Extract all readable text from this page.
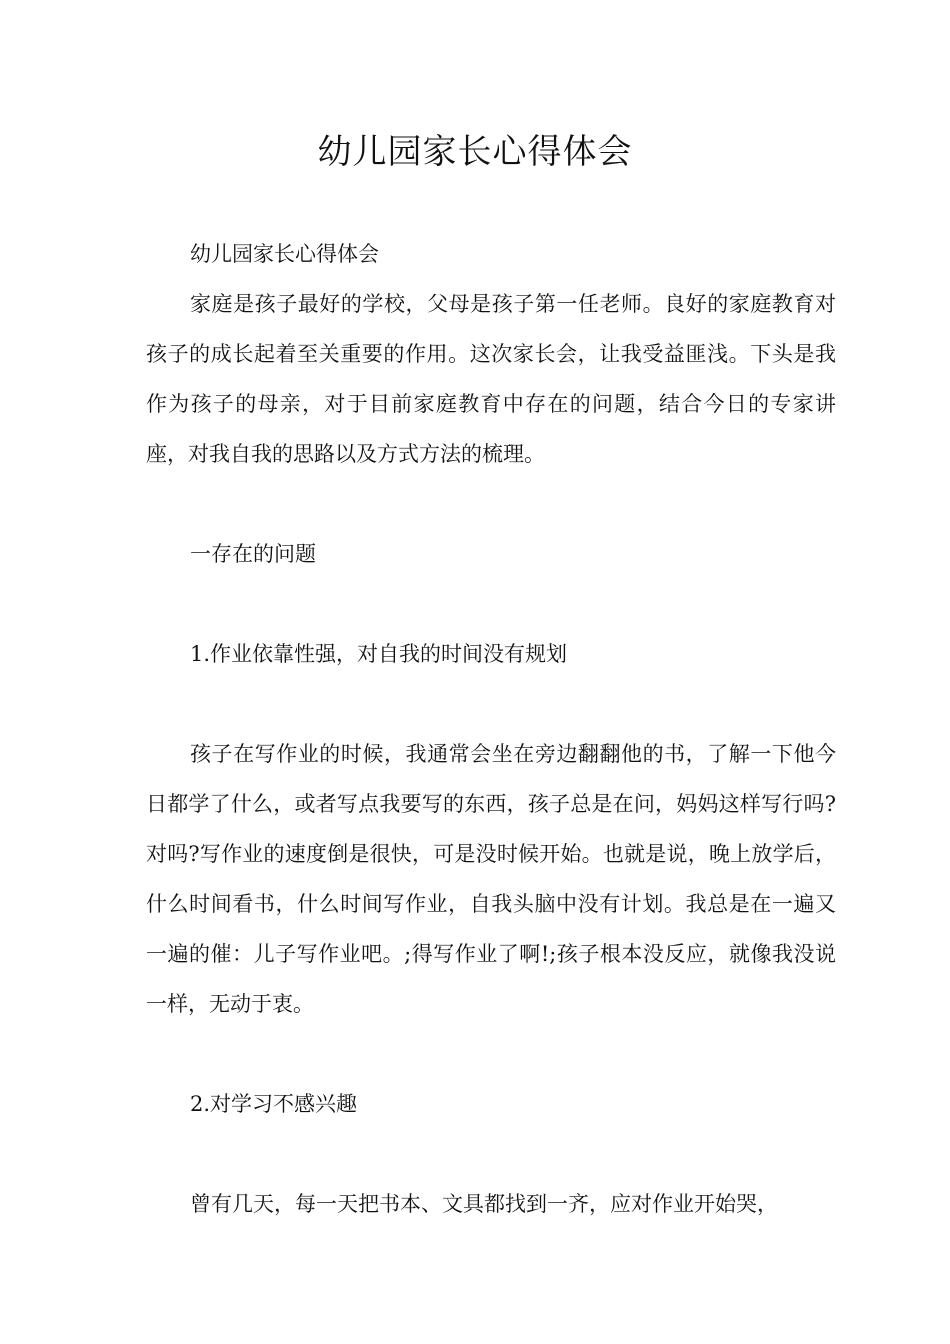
幼儿园家长心得体会

幼儿园家长心得体会

家庭是孩子最好的学校，父母是孩子第一任老师。良好的家庭教育对孩子的成长起着至关重要的作用。这次家长会，让我受益匪浅。下头是我作为孩子的母亲，对于目前家庭教育中存在的问题，结合今日的专家讲座，对我自我的思路以及方式方法的梳理。

一存在的问题

1.作业依靠性强，对自我的时间没有规划

孩子在写作业的时候，我通常会坐在旁边翻翻他的书，了解一下他今日都学了什么，或者写点我要写的东西，孩子总是在问，妈妈这样写行吗?对吗?写作业的速度倒是很快，可是没时候开始。也就是说，晚上放学后，什么时间看书，什么时间写作业，自我头脑中没有计划。我总是在一遍又一遍的催：儿子写作业吧。;得写作业了啊!;孩子根本没反应，就像我没说一样，无动于衷。

2.对学习不感兴趣

曾有几天，每一天把书本、文具都找到一齐，应对作业开始哭，
